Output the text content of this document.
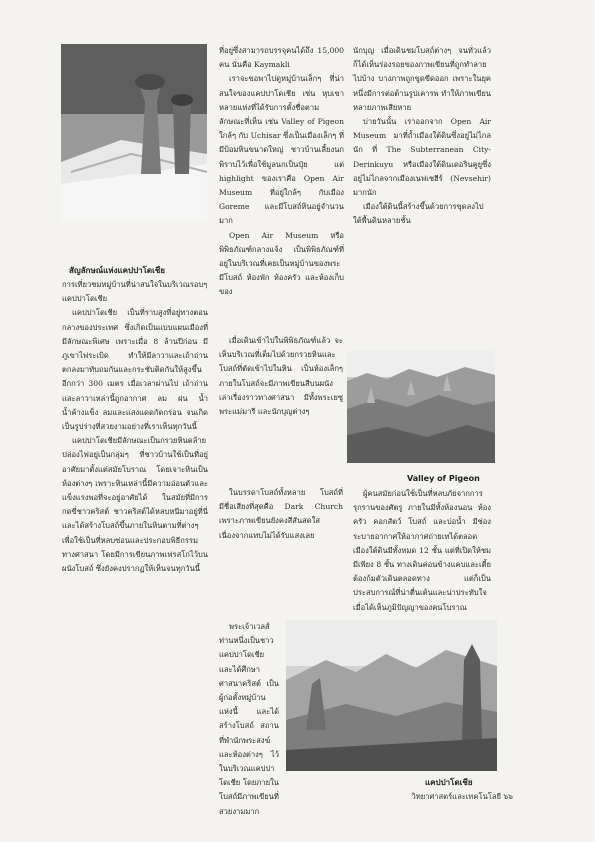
สัญลักษณ์แห่งแคปปาโดเชีย

การเที่ยวชมหมู่บ้านที่น่าสนใจในบริเวณรอบๆ แคปปาโดเชีย

แคปปาโดเชีย เป็นที่ราบสูงที่อยู่ทางตอนกลางของประเทศ ซึ่งเกิดเป็นแบบแผนเมืองที่มีลักษณะพิเศษ เพราะเมื่อ 8 ล้านปีก่อน มีภูเขาไฟระเบิด ทำให้มีลาวาและเถ้าถ่านตกลงมาทับถมกันและกระชับติดกันให้สูงขึ้นอีกกว่า 300 เมตร เมื่อเวลาผ่านไป เถ้าถ่านและลาวาเหล่านี้ถูกอากาศ ลม ฝน น้ำ น้ำค้างแข็ง ลมและแสงแดดกัดกร่อน จนเกิดเป็นรูปร่างที่สวยงามอย่างที่เราเห็นทุกวันนี้

แคปปาโดเชียมีลักษณะเป็นกรวยหินคล้ายปล่องไฟอยู่เป็นกลุ่มๆ ที่ชาวบ้านใช้เป็นที่อยู่อาศัยมาตั้งแต่สมัยโบราณ โดยเจาะหินเป็นห้องต่างๆ เพราะหินเหล่านี้มีความอ่อนตัวและแข็งแรงพอที่จะอยู่อาศัยได้ ในสมัยที่มีการกดขี่ชาวคริสต์ ชาวคริสต์ได้หลบหนีมาอยู่ที่นี่ และได้สร้างโบสถ์ขึ้นภายในหินตามที่ต่างๆ เพื่อใช้เป็นที่หลบซ่อนและประกอบพิธีกรรมทางศาสนา โดยมีการเขียนภาพเฟรสโกไว้บนผนังโบสถ์ ซึ่งยังคงปรากฏให้เห็นจนทุกวันนี้

ที่อยู่ซึ่งสามารถบรรจุคนได้ถึง 15,000 คน นั่นคือ Kaymakli

เราจะขอพาไปดูหมู่บ้านเล็กๆ ที่น่าสนใจของแคปปาโดเชีย เช่น หุบเขาหลายแห่งที่ได้รับการตั้งชื่อตามลักษณะที่เห็น เช่น Valley of Pigeon ใกล้ๆ กับ Uchisar ซึ่งเป็นเมืองเล็กๆ ที่มีป้อมหินขนาดใหญ่ ชาวบ้านเลี้ยงนกพิราบไว้เพื่อใช้มูลนกเป็นปุ๋ย แต่ highlight ของเราคือ Open Air Museum ที่อยู่ใกล้ๆ กับเมือง Goreme และมีโบสถ์หินอยู่จำนวนมาก

Open Air Museum หรือพิพิธภัณฑ์กลางแจ้ง เป็นพิพิธภัณฑ์ที่อยู่ในบริเวณที่เคยเป็นหมู่บ้านของพระ มีโบสถ์ ห้องพัก ห้องครัว และห้องเก็บของ

เมื่อเดินเข้าไปในพิพิธภัณฑ์แล้ว จะเห็นบริเวณที่เต็มไปด้วยกรวยหินและโบสถ์ที่ตัดเข้าไปในหิน เป็นห้องเล็กๆ ภายในโบสถ์จะมีภาพเขียนสีบนผนังเล่าเรื่องราวทางศาสนา มีทั้งพระเยซู พระแม่มารี และนักบุญต่างๆ

ในบรรดาโบสถ์ทั้งหลาย โบสถ์ที่มีชื่อเสียงที่สุดคือ Dark Church เพราะภาพเขียนยังคงสีสันสดใส เนื่องจากแทบไม่ได้รับแสงเลย

พระเจ้าเวลส์ท่านหนึ่งเป็นชาวแคปปาโดเชีย และได้ศึกษาศาสนาคริสต์ เป็นผู้ก่อตั้งหมู่บ้านแห่งนี้ และได้สร้างโบสถ์ สถานที่พำนักพระสงฆ์ และห้องต่างๆ ไว้ในบริเวณแคปปาโดเชีย โดยภายในโบสถ์มีภาพเขียนที่สวยงามมาก

นักบุญ เมื่อเดินชมโบสถ์ต่างๆ จนทั่วแล้ว ก็ได้เห็นร่องรอยของภาพเขียนที่ถูกทำลายไปบ้าง บางภาพถูกขูดขีดออก เพราะในยุคหนึ่งมีการต่อต้านรูปเคารพ ทำให้ภาพเขียนหลายภาพเสียหาย

บ่ายวันนั้น เราออกจาก Open Air Museum มาที่ถ้ำเมืองใต้ดินซึ่งอยู่ไม่ไกลนัก ที่ The Subterranean City-Derinkuyu หรือเมืองใต้ดินเดอรินคูยูซึ่งอยู่ไม่ไกลจากเมืองเนฟเชฮีร์ (Nevsehir) มากนัก

เมืองใต้ดินนี้สร้างขึ้นด้วยการขุดลงไปใต้พื้นดินหลายชั้น

Valley of Pigeon

ผู้คนสมัยก่อนใช้เป็นที่หลบภัยจากการรุกรานของศัตรู ภายในมีทั้งห้องนอน ห้องครัว คอกสัตว์ โบสถ์ และบ่อน้ำ มีช่องระบายอากาศให้อากาศถ่ายเทได้ตลอด เมืองใต้ดินมีทั้งหมด 12 ชั้น แต่ที่เปิดให้ชมมีเพียง 8 ชั้น ทางเดินค่อนข้างแคบและเตี้ย ต้องก้มตัวเดินตลอดทาง แต่ก็เป็นประสบการณ์ที่น่าตื่นเต้นและน่าประทับใจ เมื่อได้เห็นภูมิปัญญาของคนโบราณ

แคปปาโดเชีย
วิทยาศาสตร์และเทคโนโลยี ๖๖
